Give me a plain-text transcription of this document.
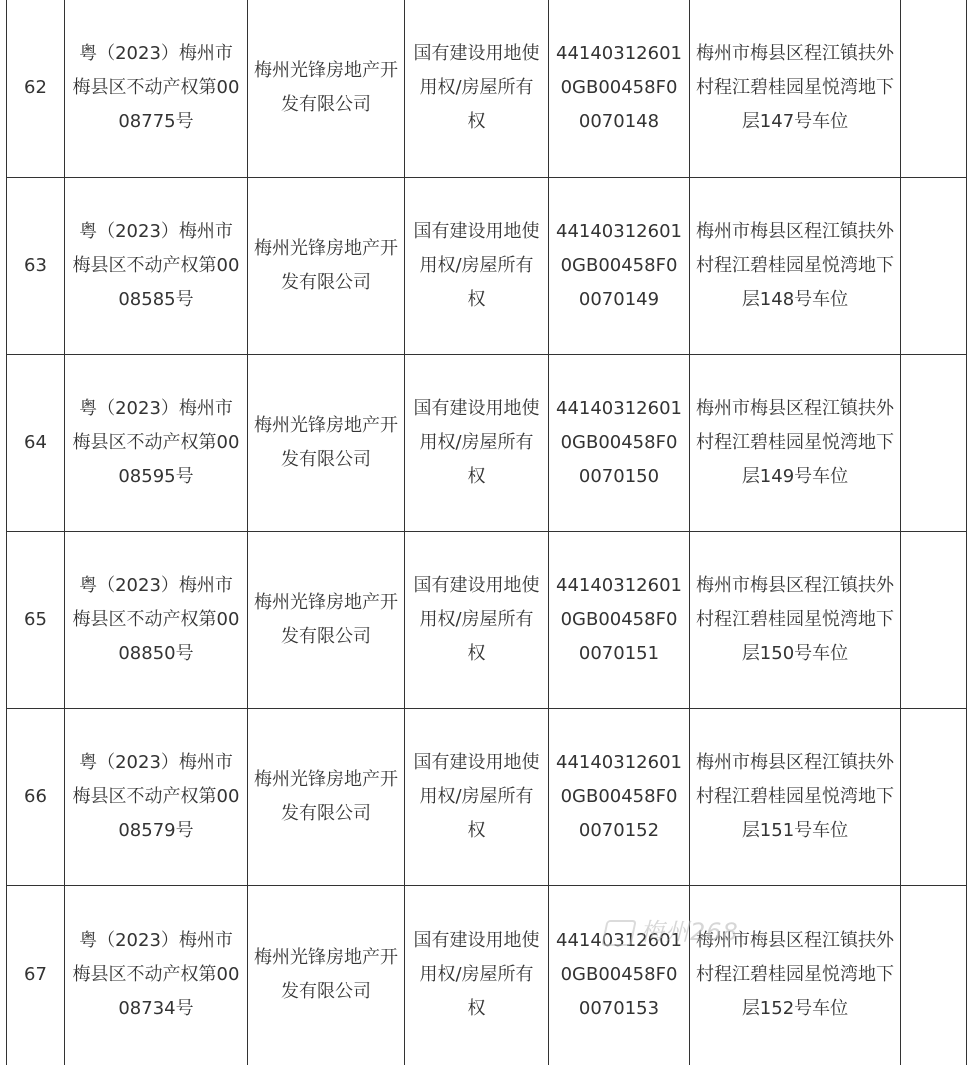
62	粤（2023）梅州市梅县区不动产权第0008775号	梅州光锋房地产开发有限公司	国有建设用地使用权/房屋所有权	441403126010GB00458F00070148	梅州市梅县区程江镇扶外村程江碧桂园星悦湾地下层147号车位	
63	粤（2023）梅州市梅县区不动产权第0008585号	梅州光锋房地产开发有限公司	国有建设用地使用权/房屋所有权	441403126010GB00458F00070149	梅州市梅县区程江镇扶外村程江碧桂园星悦湾地下层148号车位	
64	粤（2023）梅州市梅县区不动产权第0008595号	梅州光锋房地产开发有限公司	国有建设用地使用权/房屋所有权	441403126010GB00458F00070150	梅州市梅县区程江镇扶外村程江碧桂园星悦湾地下层149号车位	
65	粤（2023）梅州市梅县区不动产权第0008850号	梅州光锋房地产开发有限公司	国有建设用地使用权/房屋所有权	441403126010GB00458F00070151	梅州市梅县区程江镇扶外村程江碧桂园星悦湾地下层150号车位	
66	粤（2023）梅州市梅县区不动产权第0008579号	梅州光锋房地产开发有限公司	国有建设用地使用权/房屋所有权	441403126010GB00458F00070152	梅州市梅县区程江镇扶外村程江碧桂园星悦湾地下层151号车位	
67	粤（2023）梅州市梅县区不动产权第0008734号	梅州光锋房地产开发有限公司	国有建设用地使用权/房屋所有权	441403126010GB00458F00070153	梅州市梅县区程江镇扶外村程江碧桂园星悦湾地下层152号车位	
梅州268
